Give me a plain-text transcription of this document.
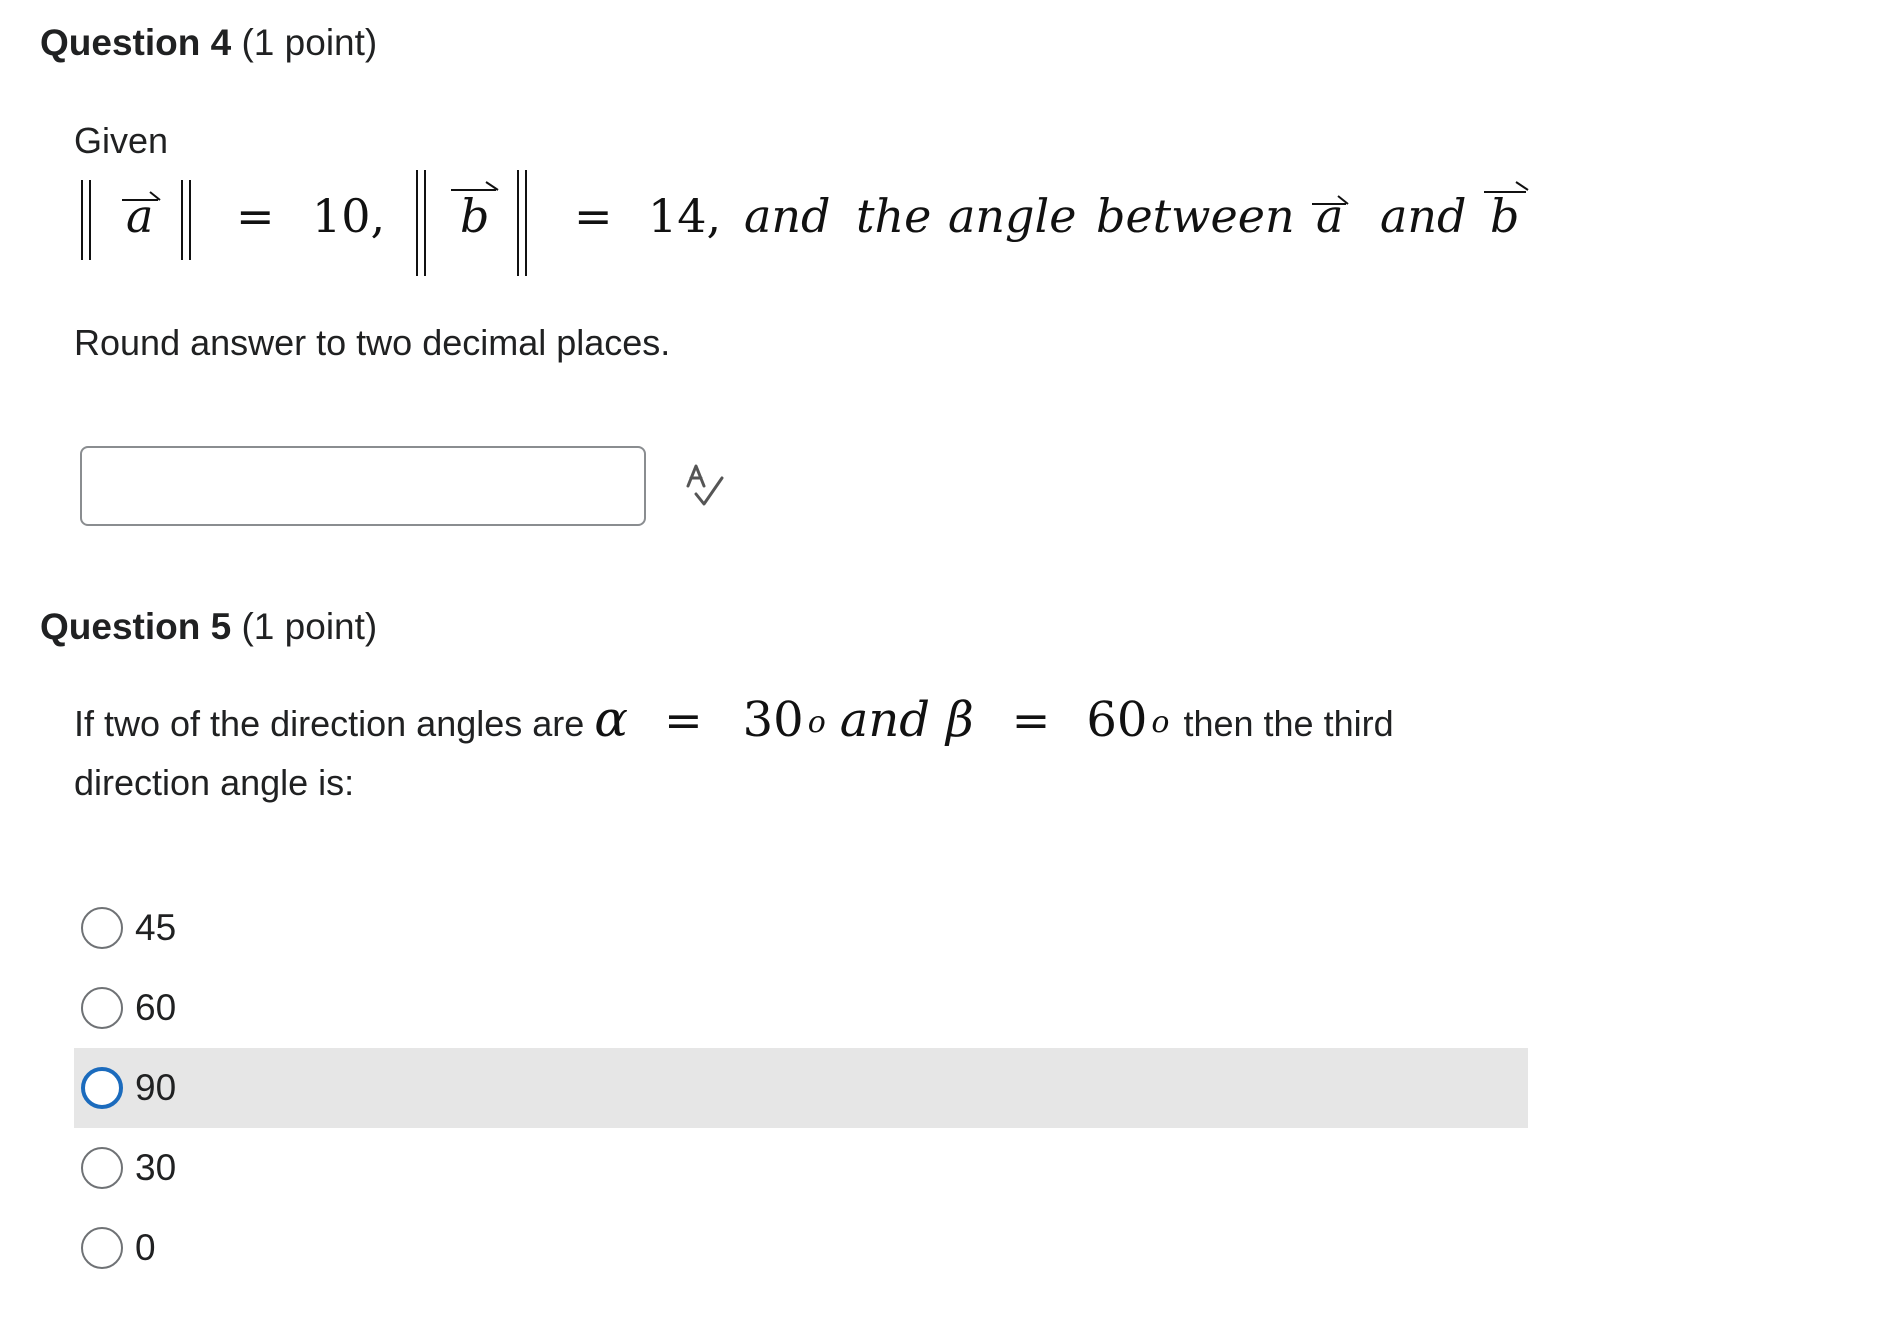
Question 4 (1 point)
Given
a = 10, b = 14, and the angle between a and b
Round answer to two decimal places.
Question 5 (1 point)
If two of the direction angles are $\alpha = 30^o$ and $\beta = 60^o$ then the third
direction angle is:
45
60
90
30
0
